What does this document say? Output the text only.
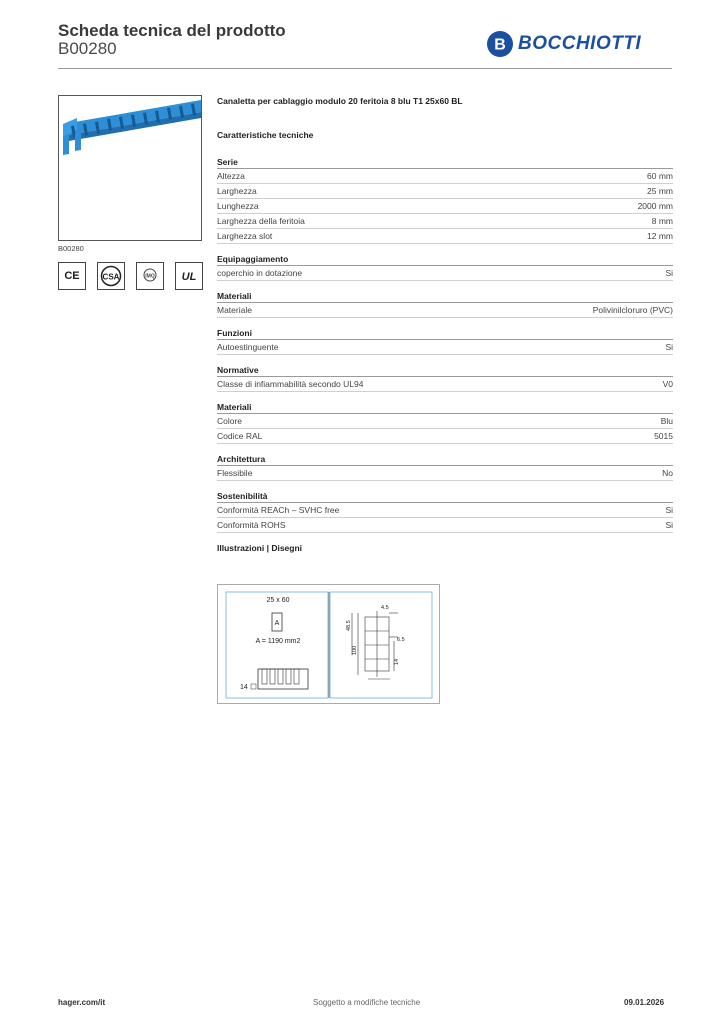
Scheda tecnica del prodotto
B00280	B BOCCHIOTTI
B00280
CE	CSA	IMQ UL
Canaletta per cablaggio modulo 20 feritoia 8 blu T1 25x60 BL
Caratteristiche tecniche
Serie
Altezza	60 mm
Larghezza	25 mm
Lunghezza	2000 mm
Larghezza della feritoia	8 mm
Larghezza slot	12 mm
Equipaggiamento
coperchio in dotazione	Si
Materiali
Materiale	Polivinilcloruro (PVC)
Funzioni
Autoestinguente	Si
Normative
Classe di infiammabilità secondo UL94	V0
Materiali
Colore	Blu
Codice RAL	5015
Architettura
Flessibile	No
Sostenibilità
Conformità REACh – SVHC free	Si
Conformità ROHS	Si
Illustrazioni | Disegni
25 x 60
A
A = 1190 mm2
14
4.5
48.5
100
6.5
14
hager.com/it	Soggetto a modifiche tecniche	09.01.2026
